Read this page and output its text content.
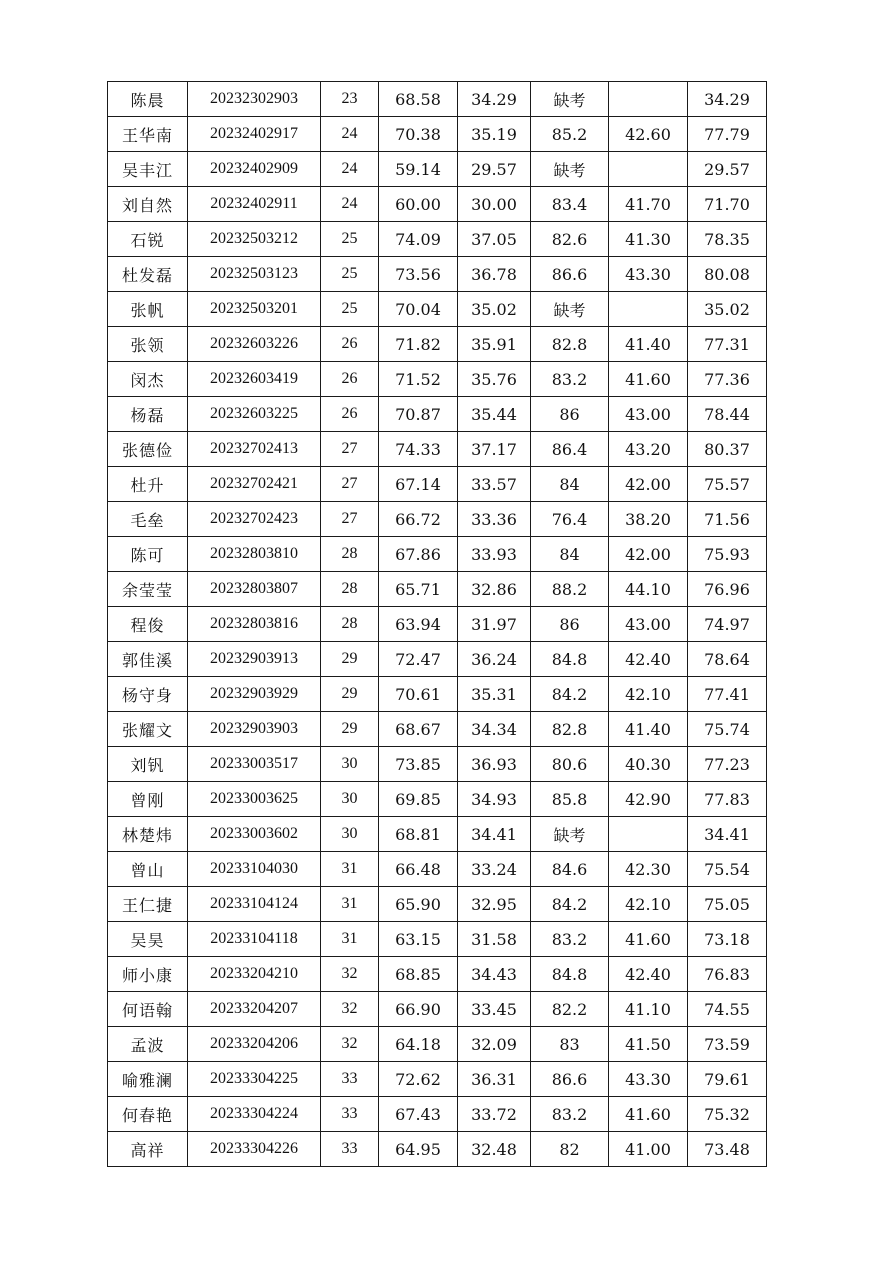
陈晨	20232302903	23	68.58	34.29	缺考		34.29
王华南	20232402917	24	70.38	35.19	85.2	42.60	77.79
吴丰江	20232402909	24	59.14	29.57	缺考		29.57
刘自然	20232402911	24	60.00	30.00	83.4	41.70	71.70
石锐	20232503212	25	74.09	37.05	82.6	41.30	78.35
杜发磊	20232503123	25	73.56	36.78	86.6	43.30	80.08
张帆	20232503201	25	70.04	35.02	缺考		35.02
张领	20232603226	26	71.82	35.91	82.8	41.40	77.31
闵杰	20232603419	26	71.52	35.76	83.2	41.60	77.36
杨磊	20232603225	26	70.87	35.44	86	43.00	78.44
张德俭	20232702413	27	74.33	37.17	86.4	43.20	80.37
杜升	20232702421	27	67.14	33.57	84	42.00	75.57
毛垒	20232702423	27	66.72	33.36	76.4	38.20	71.56
陈可	20232803810	28	67.86	33.93	84	42.00	75.93
余莹莹	20232803807	28	65.71	32.86	88.2	44.10	76.96
程俊	20232803816	28	63.94	31.97	86	43.00	74.97
郭佳溪	20232903913	29	72.47	36.24	84.8	42.40	78.64
杨守身	20232903929	29	70.61	35.31	84.2	42.10	77.41
张耀文	20232903903	29	68.67	34.34	82.8	41.40	75.74
刘钒	20233003517	30	73.85	36.93	80.6	40.30	77.23
曾刚	20233003625	30	69.85	34.93	85.8	42.90	77.83
林楚炜	20233003602	30	68.81	34.41	缺考		34.41
曾山	20233104030	31	66.48	33.24	84.6	42.30	75.54
王仁捷	20233104124	31	65.90	32.95	84.2	42.10	75.05
吴昊	20233104118	31	63.15	31.58	83.2	41.60	73.18
师小康	20233204210	32	68.85	34.43	84.8	42.40	76.83
何语翰	20233204207	32	66.90	33.45	82.2	41.10	74.55
孟波	20233204206	32	64.18	32.09	83	41.50	73.59
喻雅澜	20233304225	33	72.62	36.31	86.6	43.30	79.61
何春艳	20233304224	33	67.43	33.72	83.2	41.60	75.32
高祥	20233304226	33	64.95	32.48	82	41.00	73.48
